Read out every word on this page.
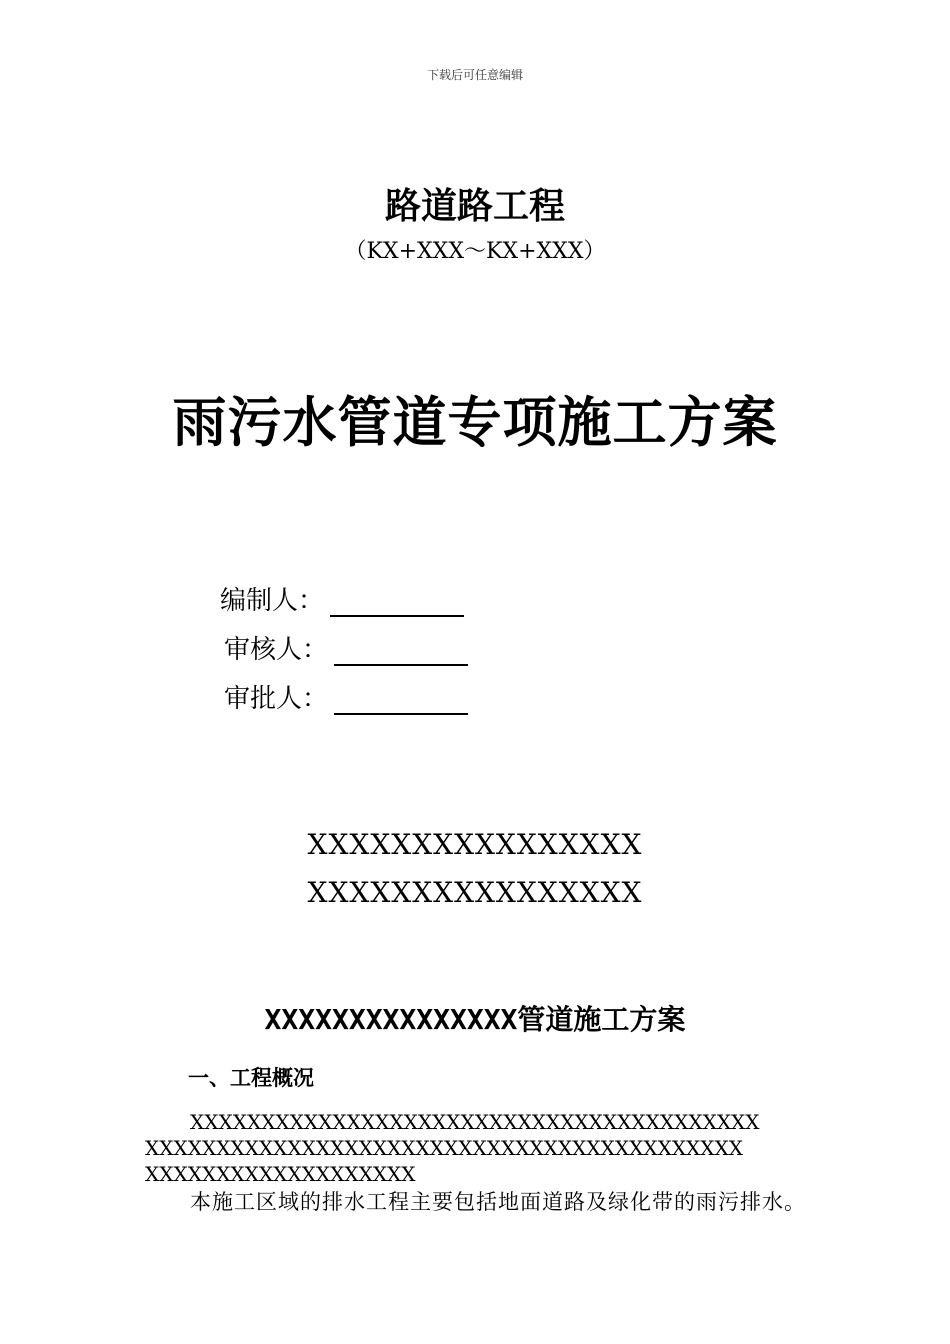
下载后可任意编辑
路道路工程
（KX+XXX～KX+XXX）
雨污水管道专项施工方案
编制人：
审核人：
审批人：
XXXXXXXXXXXXXXXX
XXXXXXXXXXXXXXXX
XXXXXXXXXXXXXXX管道施工方案
一、工程概况
XXXXXXXXXXXXXXXXXXXXXXXXXXXXXXXXXXXXXXXX
XXXXXXXXXXXXXXXXXXXXXXXXXXXXXXXXXXXXXXXXXX
XXXXXXXXXXXXXXXXXXX
本施工区域的排水工程主要包括地面道路及绿化带的雨污排水。
